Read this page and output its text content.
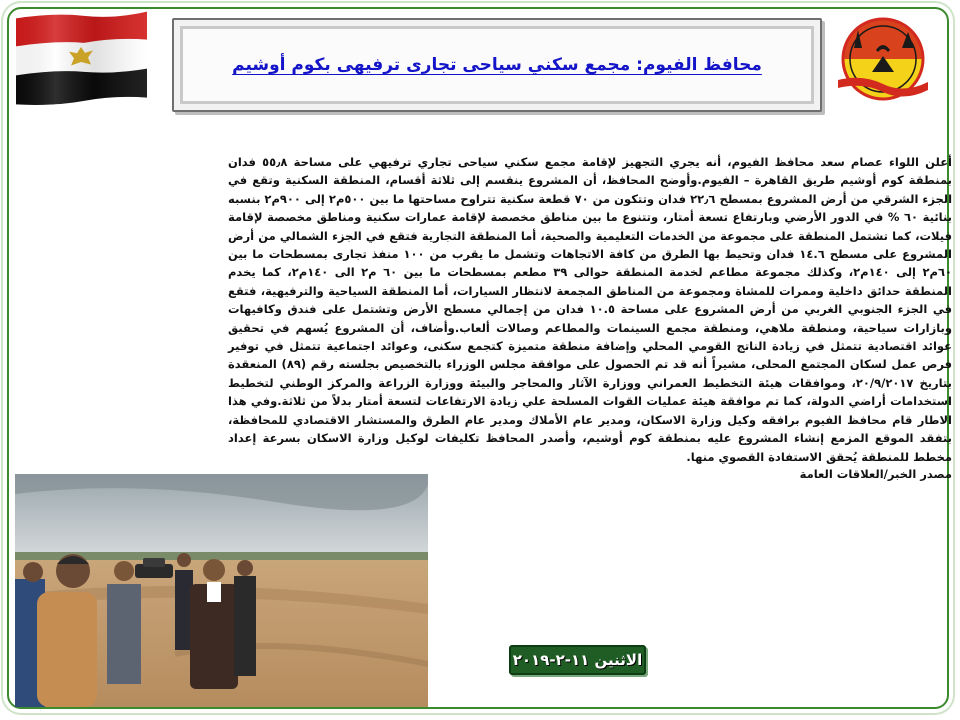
محافظ الفيوم: مجمع سكني سياحى تجارى ترفيهى بكوم أوشيم

أعلن اللواء عصام سعد محافظ الفيوم، أنه يجري التجهيز لإقامة مجمع سكني سياحى تجاري ترفيهي على مساحة ٥٥٫٨ فدان بمنطقة كوم أوشيم طريق القاهرة – الفيوم.وأوضح المحافظ، أن المشروع ينقسم إلى ثلاثة أقسام، المنطقة السكنية وتقع في الجزء الشرقي من أرض المشروع بمسطح ٢٢٫٦ فدان وتتكون من ٧٠ قطعة سكنية تتراوح مساحتها ما بين ٥٠٠م٢ إلى ٩٠٠م٢ بنسبه بنائية ٦٠ % في الدور الأرضي وبارتفاع تسعة أمتار، وتتنوع ما بين مناطق مخصصة لإقامة عمارات سكنية ومناطق مخصصة لإقامة فيلات، كما تشتمل المنطقة على مجموعة من الخدمات التعليمية والصحية، أما المنطقة التجارية فتقع في الجزء الشمالي من أرض المشروع على مسطح ١٤.٦ فدان وتحيط بها الطرق من كافة الاتجاهات وتشمل ما يقرب من ١٠٠ منفذ تجارى بمسطحات ما بين ٦٠م٢ إلى ١٤٠م٢، وكذلك مجموعة مطاعم لخدمة المنطقة حوالى ٣٩ مطعم بمسطحات ما بين ٦٠ م٢ الى ١٤٠م٢، كما يخدم المنطقة حدائق داخلية وممرات للمشاة ومجموعة من المناطق المجمعة لانتظار السيارات، أما المنطقة السياحية والترفيهية، فتقع في الجزء الجنوبي الغربي من أرض المشروع على مساحة ١٠.٥ فدان من إجمالي مسطح الأرض وتشتمل على فندق وكافيهات وبازارات سياحية، ومنطقة ملاهي، ومنطقة مجمع السينمات والمطاعم وصالات ألعاب.وأضاف، أن المشروع يُسهم في تحقيق عوائد اقتصادية تتمثل في زيادة الناتج القومي المحلي وإضافة منطقة متميزة كتجمع سكنى، وعوائد اجتماعية تتمثل في توفير فرص عمل لسكان المجتمع المحلى، مشيراً أنه قد تم الحصول على موافقة مجلس الوزراء بالتخصيص بجلسته رقم (٨٩) المنعقدة بتاريخ ٢٠/٩/٢٠١٧، وموافقات هيئة التخطيط العمراني ووزارة الآثار والمحاجر والبيئة ووزارة الزراعة والمركز الوطني لتخطيط استخدامات أراضي الدولة، كما تم موافقة هيئة عمليات القوات المسلحة علي زيادة الارتفاعات لتسعة أمتار بدلاً من ثلاثة.وفي هذا الاطار قام محافظ الفيوم برافقه وكيل وزارة الاسكان، ومدير عام الأملاك ومدير عام الطرق والمستشار الاقتصادي للمحافظة، بتفقد الموقع المزمع إنشاء المشروع عليه بمنطقة كوم أوشيم، وأصدر المحافظ تكليفات لوكيل وزارة الاسكان بسرعة إعداد مخطط للمنطقة يُحقق الاستفادة القصوي منها.

مصدر الخبر/العلاقات العامة
الاثنين ١١-٢-٢٠١٩
